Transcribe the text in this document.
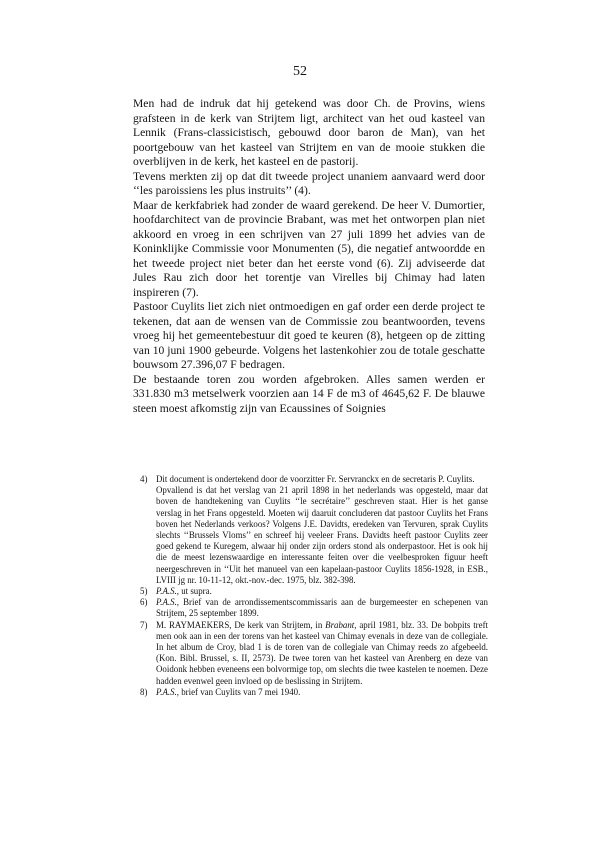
52

Men had de indruk dat hij getekend was door Ch. de Provins, wiens grafsteen in de kerk van Strijtem ligt, architect van het oud kasteel van Lennik (Frans-classicistisch, gebouwd door baron de Man), van het poortgebouw van het kasteel van Strijtem en van de mooie stukken die overblijven in de kerk, het kasteel en de pastorij.

Tevens merkten zij op dat dit tweede project unaniem aanvaard werd door ‘‘les paroissiens les plus instruits’’ (4).

Maar de kerkfabriek had zonder de waard gerekend. De heer V. Dumortier, hoofdarchitect van de provincie Brabant, was met het ontworpen plan niet akkoord en vroeg in een schrijven van 27 juli 1899 het advies van de Koninklijke Commissie voor Monumenten (5), die negatief antwoordde en het tweede project niet beter dan het eerste vond (6). Zij adviseerde dat Jules Rau zich door het torentje van Virelles bij Chimay had laten inspireren (7).

Pastoor Cuylits liet zich niet ontmoedigen en gaf order een derde project te tekenen, dat aan de wensen van de Commissie zou beantwoorden, tevens vroeg hij het gemeentebestuur dit goed te keuren (8), hetgeen op de zitting van 10 juni 1900 gebeurde. Volgens het lastenkohier zou de totale geschatte bouwsom 27.396,07 F bedragen.

De bestaande toren zou worden afgebroken. Alles samen werden er 331.830 m3 metselwerk voorzien aan 14 F de m3 of 4645,62 F. De blauwe steen moest afkomstig zijn van Ecaussines of Soignies

4) Dit document is ondertekend door de voorzitter Fr. Servranckx en de secretaris P. Cuylits.

Opvallend is dat het verslag van 21 april 1898 in het nederlands was opgesteld, maar dat boven de handtekening van Cuylits ‘‘le secrétaire’’ geschreven staat. Hier is het ganse verslag in het Frans opgesteld. Moeten wij daaruit concluderen dat pastoor Cuylits het Frans boven het Nederlands verkoos? Volgens J.E. Davidts, eredeken van Tervuren, sprak Cuylits slechts ‘‘Brussels Vloms’’ en schreef hij veeleer Frans. Davidts heeft pastoor Cuylits zeer goed gekend te Kuregem, alwaar hij onder zijn orders stond als onderpastoor. Het is ook hij die de meest lezenswaardige en interessante feiten over die veelbesproken figuur heeft neergeschreven in ‘‘Uit het manueel van een kapelaan-pastoor Cuylits 1856-1928, in ESB., LVIII jg nr. 10-11-12, okt.-nov.-dec. 1975, blz. 382-398.

5) P.A.S., ut supra.
6) P.A.S., Brief van de arrondissementscommissaris aan de burgemeester en schepenen van Strijtem, 25 september 1899.
7) M. RAYMAEKERS, De kerk van Strijtem, in Brabant, april 1981, blz. 33. De bobpits treft men ook aan in een der torens van het kasteel van Chimay evenals in deze van de collegiale. In het album de Croy, blad 1 is de toren van de collegiale van Chimay reeds zo afgebeeld. (Kon. Bibl. Brussel, s. II, 2573). De twee toren van het kasteel van Arenberg en deze van Ooidonk hebben eveneens een bolvormige top, om slechts die twee kastelen te noemen. Deze hadden evenwel geen invloed op de beslissing in Strijtem.
8) P.A.S., brief van Cuylits van 7 mei 1940.
